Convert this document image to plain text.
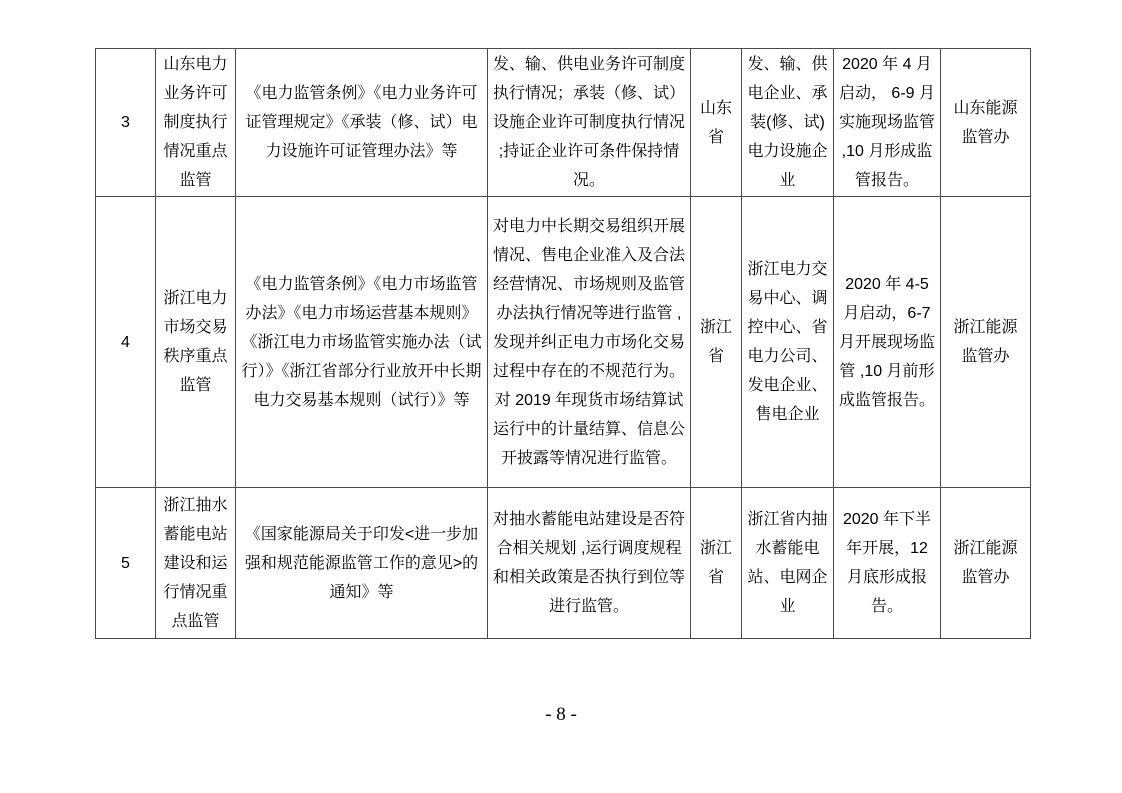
3	山东电力业务许可制度执行情况重点监管	《电力监管条例》《电力业务许可证管理规定》《承装（修、试）电力设施许可证管理办法》等	发、输、供电业务许可制度执行情况；承装（修、试）设施企业许可制度执行情况 ;持证企业许可条件保持情况。	山东省	发、输、供电企业、承装(修、试)电力设施企业	2020 年 4 月启动， 6-9 月实施现场监管 ,10 月形成监管报告。	山东能源监管办
4	浙江电力市场交易秩序重点监管	《电力监管条例》《电力市场监管办法》《电力市场运营基本规则》《浙江电力市场监管实施办法（试行）》《浙江省部分行业放开中长期电力交易基本规则（试行）》等	对电力中长期交易组织开展情况、售电企业准入及合法经营情况、市场规则及监管办法执行情况等进行监管 ,发现并纠正电力市场化交易过程中存在的不规范行为。对 2019 年现货市场结算试运行中的计量结算、信息公开披露等情况进行监管。	浙江省	浙江电力交易中心、调控中心、省电力公司、发电企业、售电企业	2020 年 4-5 月启动，6-7 月开展现场监管 ,10 月前形成监管报告。	浙江能源监管办
5	浙江抽水蓄能电站建设和运行情况重点监管	《国家能源局关于印发<进一步加强和规范能源监管工作的意见>的通知》等	对抽水蓄能电站建设是否符合相关规划 ,运行调度规程和相关政策是否执行到位等进行监管。	浙江省	浙江省内抽水蓄能电站、电网企业	2020 年下半年开展，12 月底形成报告。	浙江能源监管办
- 8 -
